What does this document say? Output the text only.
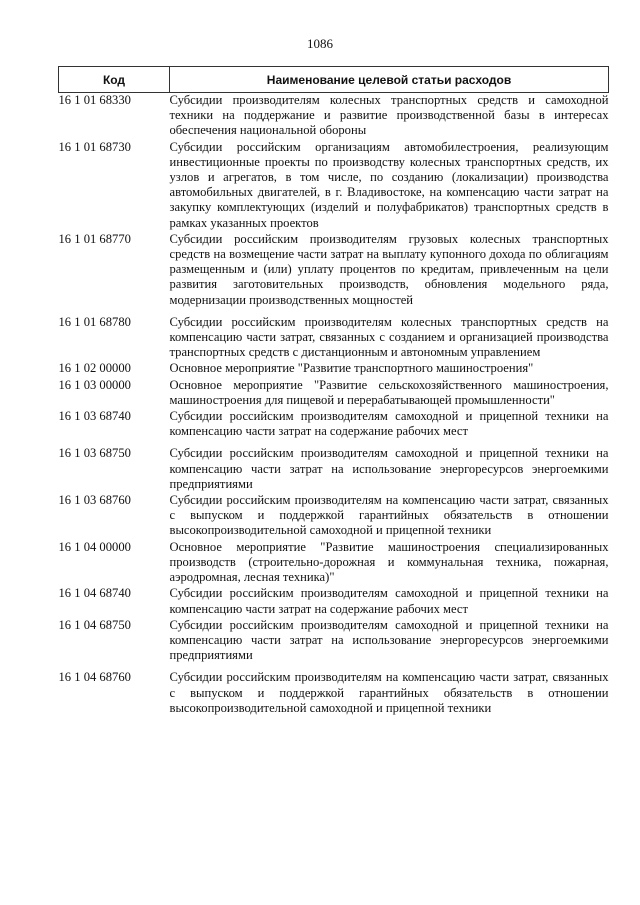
1086
Код	Наименование целевой статьи расходов
16 1 01 68330	Субсидии производителям колесных транспортных средств и самоходной техники на поддержание и развитие производственной базы в интересах обеспечения национальной обороны
16 1 01 68730	Субсидии российским организациям автомобилестроения, реализующим инвестиционные проекты по производству колесных транспортных средств, их узлов и агрегатов, в том числе, по созданию (локализации) производства автомобильных двигателей, в г. Владивостоке, на компенсацию части затрат на закупку комплектующих (изделий и полуфабрикатов) транспортных средств в рамках указанных проектов
16 1 01 68770	Субсидии российским производителям грузовых колесных транспортных средств на возмещение части затрат на выплату купонного дохода по облигациям размещенным и (или) уплату процентов по кредитам, привлеченным на цели развития заготовительных производств, обновления модельного ряда, модернизации производственных мощностей
16 1 01 68780	Субсидии российским производителям колесных транспортных средств на компенсацию части затрат, связанных с созданием и организацией производства транспортных средств с дистанционным и автономным управлением
16 1 02 00000	Основное мероприятие "Развитие транспортного машиностроения"
16 1 03 00000	Основное мероприятие "Развитие сельскохозяйственного машиностроения, машиностроения для пищевой и перерабатывающей промышленности"
16 1 03 68740	Субсидии российским производителям самоходной и прицепной техники на компенсацию части затрат на содержание рабочих мест
16 1 03 68750	Субсидии российским производителям самоходной и прицепной техники на компенсацию части затрат на использование энергоресурсов энергоемкими предприятиями
16 1 03 68760	Субсидии российским производителям на компенсацию части затрат, связанных с выпуском и поддержкой гарантийных обязательств в отношении высокопроизводительной самоходной и прицепной техники
16 1 04 00000	Основное мероприятие "Развитие машиностроения специализированных производств (строительно-дорожная и коммунальная техника, пожарная, аэродромная, лесная техника)"
16 1 04 68740	Субсидии российским производителям самоходной и прицепной техники на компенсацию части затрат на содержание рабочих мест
16 1 04 68750	Субсидии российским производителям самоходной и прицепной техники на компенсацию части затрат на использование энергоресурсов энергоемкими предприятиями
16 1 04 68760	Субсидии российским производителям на компенсацию части затрат, связанных с выпуском и поддержкой гарантийных обязательств в отношении высокопроизводительной самоходной и прицепной техники
